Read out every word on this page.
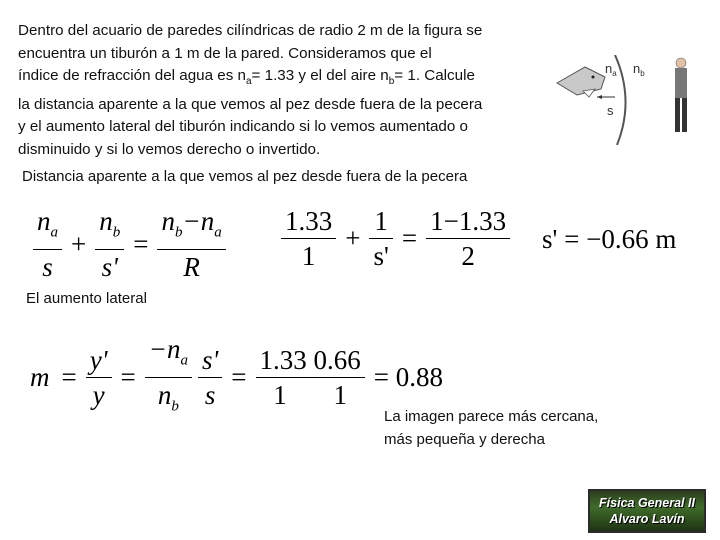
Dentro del acuario de paredes cilíndricas de radio 2 m de la figura se
encuentra un tiburón a 1 m de la pared. Consideramos que el
índice de refracción del agua es $n_a= 1.33$ y el del aire $n_b= 1$. Calcule
la distancia aparente a la que vemos al pez desde fuera de la pecera
y el aumento lateral del tiburón indicando si lo vemos aumentado o
disminuido y si lo vemos derecho o invertido.
$n_a$ $n_b$
s
Distancia aparente a la que vemos al pez desde fuera de la pecera
$\frac{n_a}{s} + \frac{n_b}{s'} = \frac{n_b-n_a}{R} \frac{1.33}{1} + \frac{1}{s'} = \frac{1-1.33}{2} s' = -0.66$ m
El aumento lateral
$m = \frac{y'}{y} = \frac{-n_a}{n_b} \frac{s'}{s} = \frac{1.33 0.66}{1 1} = 0.88$
La imagen parece más cercana,
más pequeña y derecha
Física General II
Alvaro Lavín
